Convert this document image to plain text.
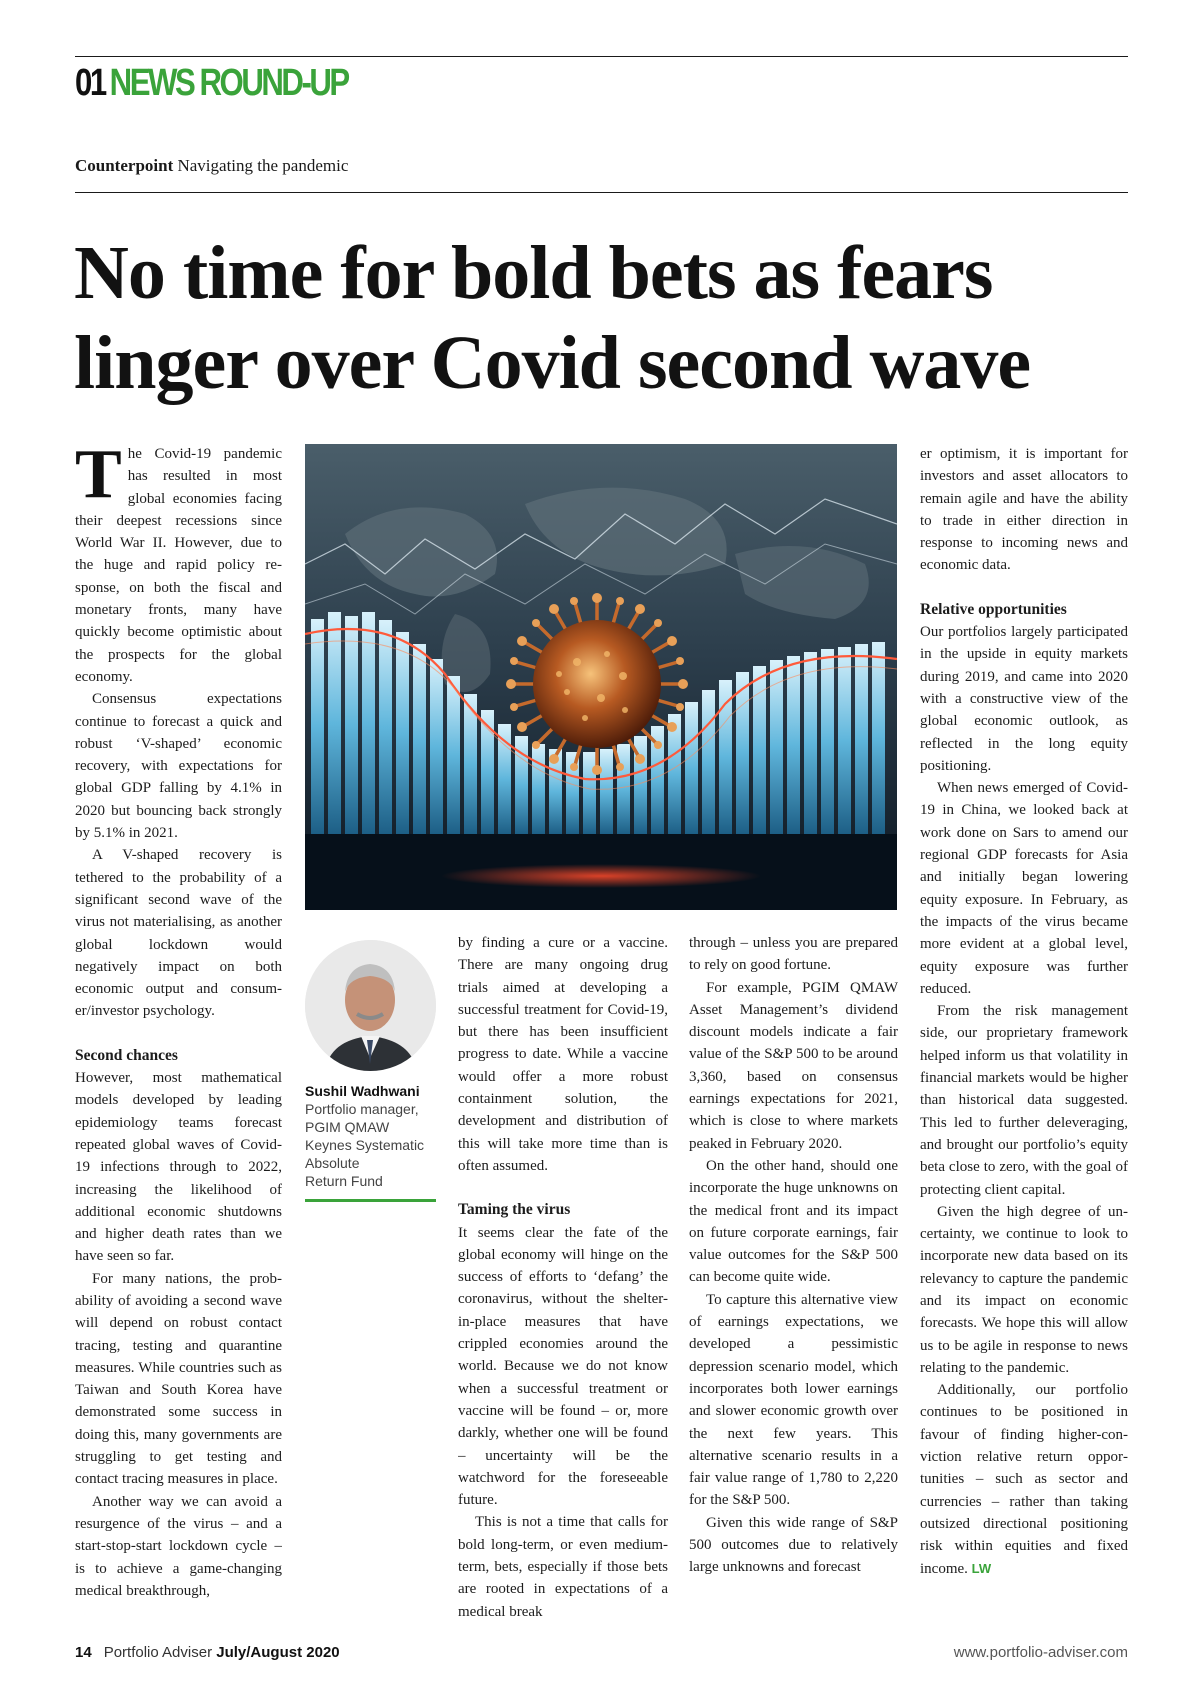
01 NEWS ROUND-UP
Counterpoint Navigating the pandemic
No time for bold bets as fears
linger over Covid second wave

The Covid-19 pandemic has resulted in most global economies facing their deepest recessions since World War II. However, due to the huge and rapid policy response, on both the fiscal and monetary fronts, many have quickly become optimistic about the prospects for the global economy.

Consensus expectations continue to forecast a quick and robust ‘V-shaped’ economic recovery, with expectations for global GDP falling by 4.1% in 2020 but bouncing back strongly by 5.1% in 2021.

A V-shaped recovery is tethered to the probability of a significant second wave of the virus not materialising, as another global lockdown would negatively impact on both economic output and consumer/investor psychology.

Second chances

However, most mathematical models developed by leading epidemiology teams forecast repeated global waves of Covid-19 infections through to 2022, increasing the likelihood of additional economic shutdowns and higher death rates than we have seen so far.

For many nations, the probability of avoiding a second wave will depend on robust contact tracing, testing and quarantine measures. While countries such as Taiwan and South Korea have demonstrated some success in doing this, many governments are struggling to get testing and contact tracing measures in place.

Another way we can avoid a resurgence of the virus – and a start-stop-start lockdown cycle – is to achieve a game-changing medical breakthrough,

Sushil Wadhwani
Portfolio manager,
PGIM QMAW
Keynes Systematic
Absolute
Return Fund

by finding a cure or a vaccine. There are many ongoing drug trials aimed at developing a successful treatment for Covid-19, but there has been insufficient progress to date. While a vaccine would offer a more robust containment solution, the development and distribution of this will take more time than is often assumed.

Taming the virus

It seems clear the fate of the global economy will hinge on the success of efforts to ‘defang’ the coronavirus, without the shelter-in-place measures that have crippled economies around the world. Because we do not know when a successful treatment or vaccine will be found – or, more darkly, whether one will be found – uncertainty will be the watchword for the foreseeable future.

This is not a time that calls for bold long-term, or even medium-term, bets, especially if those bets are rooted in expectations of a medical break

through – unless you are prepared to rely on good fortune.

For example, PGIM QMAW Asset Management’s dividend discount models indicate a fair value of the S&P 500 to be around 3,360, based on consensus earnings expectations for 2021, which is close to where markets peaked in February 2020.

On the other hand, should one incorporate the huge unknowns on the medical front and its impact on future corporate earnings, fair value outcomes for the S&P 500 can become quite wide.

To capture this alternative view of earnings expectations, we developed a pessimistic depression scenario model, which incorporates both lower earnings and slower economic growth over the next few years. This alternative scenario results in a fair value range of 1,780 to 2,220 for the S&P 500.

Given this wide range of S&P 500 outcomes due to relatively large unknowns and forecast

er optimism, it is important for investors and asset allocators to remain agile and have the ability to trade in either direction in response to incoming news and economic data.

Relative opportunities

Our portfolios largely participated in the upside in equity markets during 2019, and came into 2020 with a constructive view of the global economic outlook, as reflected in the long equity positioning.

When news emerged of Covid-19 in China, we looked back at work done on Sars to amend our regional GDP forecasts for Asia and initially began lowering equity exposure. In February, as the impacts of the virus became more evident at a global level, equity exposure was further reduced.

From the risk management side, our proprietary framework helped inform us that volatility in financial markets would be higher than historical data suggested. This led to further deleveraging, and brought our portfolio’s equity beta close to zero, with the goal of protecting client capital.

Given the high degree of uncertainty, we continue to look to incorporate new data based on its relevancy to capture the pandemic and its impact on economic forecasts. We hope this will allow us to be agile in response to news relating to the pandemic.

Additionally, our portfolio continues to be positioned in favour of finding higher-conviction relative return opportunities – such as sector and currencies – rather than taking outsized directional positioning risk within equities and fixed income. LW

14 Portfolio Adviser July/August 2020	www.portfolio-adviser.com
